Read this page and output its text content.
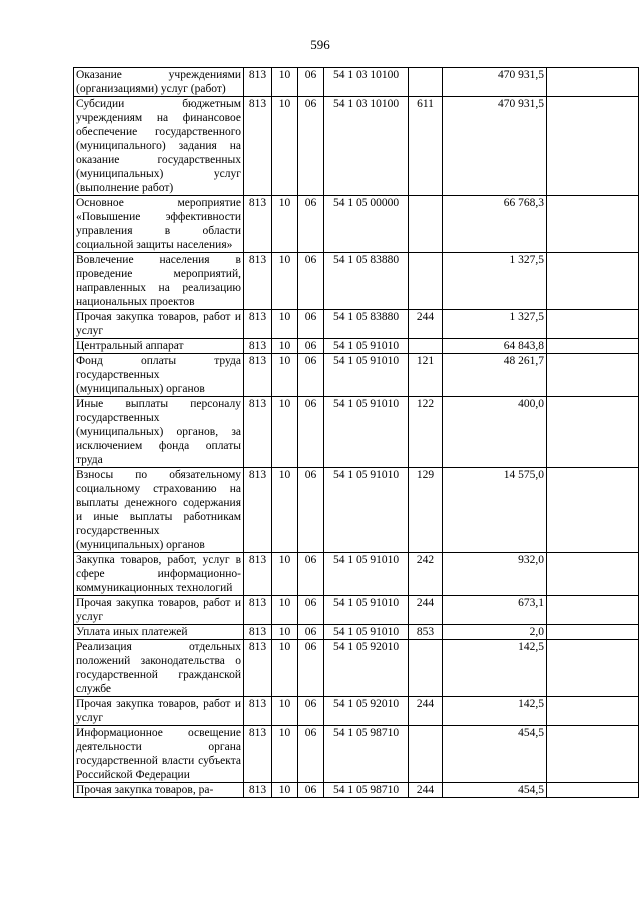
596
Оказание учреждениями (организациями) услуг (работ)	813	10	06	54 1 03 10100		470 931,5	
Субсидии бюджетным учреждениям на финансовое обеспечение государственного (муниципального) задания на оказание государственных (муниципальных) услуг (выполнение работ)	813	10	06	54 1 03 10100	611	470 931,5	
Основное мероприятие «Повышение эффективности управления в области социальной защиты населения»	813	10	06	54 1 05 00000		66 768,3	
Вовлечение населения в проведение мероприятий, направленных на реализацию национальных проектов	813	10	06	54 1 05 83880		1 327,5	
Прочая закупка товаров, работ и услуг	813	10	06	54 1 05 83880	244	1 327,5	
Центральный аппарат	813	10	06	54 1 05 91010		64 843,8	
Фонд оплаты труда государственных (муниципальных) органов	813	10	06	54 1 05 91010	121	48 261,7	
Иные выплаты персоналу государственных (муниципальных) органов, за исключением фонда оплаты труда	813	10	06	54 1 05 91010	122	400,0	
Взносы по обязательному социальному страхованию на выплаты денежного содержания и иные выплаты работникам государственных (муниципальных) органов	813	10	06	54 1 05 91010	129	14 575,0	
Закупка товаров, работ, услуг в сфере информационно-коммуникационных технологий	813	10	06	54 1 05 91010	242	932,0	
Прочая закупка товаров, работ и услуг	813	10	06	54 1 05 91010	244	673,1	
Уплата иных платежей	813	10	06	54 1 05 91010	853	2,0	
Реализация отдельных положений законодательства о государственной гражданской службе	813	10	06	54 1 05 92010		142,5	
Прочая закупка товаров, работ и услуг	813	10	06	54 1 05 92010	244	142,5	
Информационное освещение деятельности органа государственной власти субъекта Российской Федерации	813	10	06	54 1 05 98710		454,5	
Прочая закупка товаров, ра-	813	10	06	54 1 05 98710	244	454,5	
